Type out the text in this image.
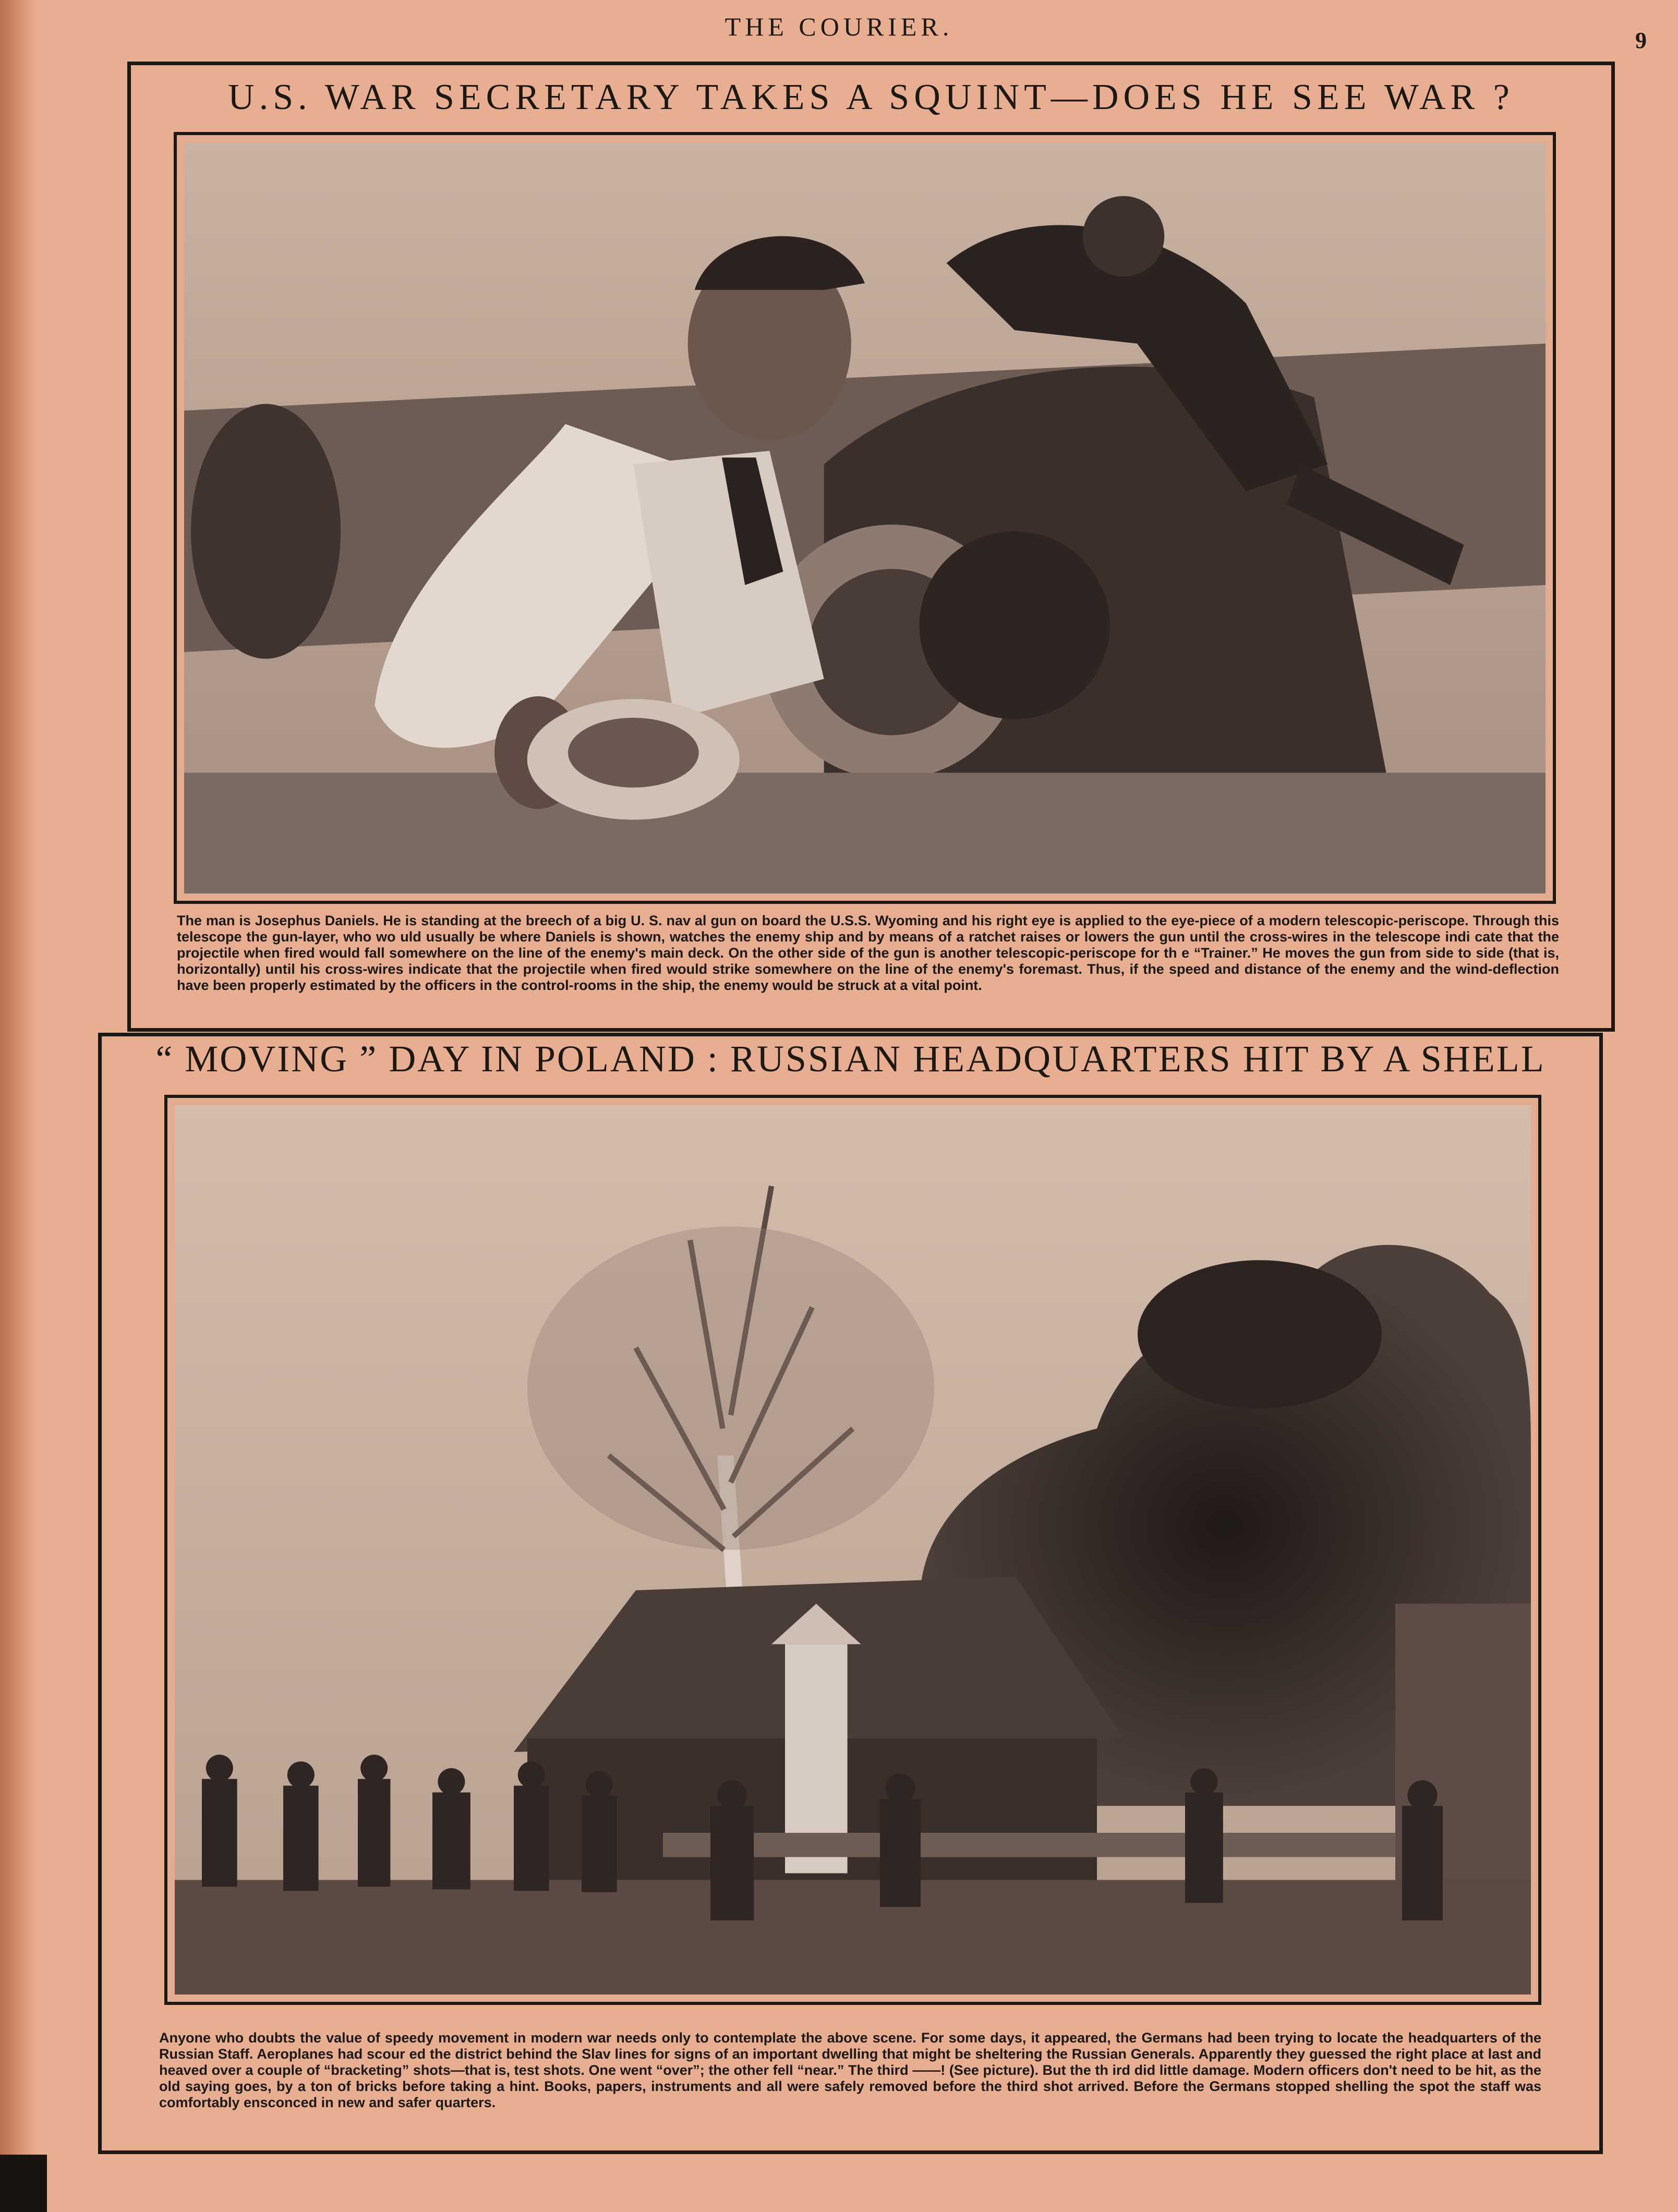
THE COURIER.	9
U.S. WAR SECRETARY TAKES A SQUINT—DOES HE SEE WAR ?
The man is Josephus Daniels. He is standing at the breech of a big U. S. nav al gun on board the U.S.S. Wyoming and his right eye is applied to the eye-piece of a modern telescopic-periscope. Through this telescope the gun-layer, who wo uld usually be where Daniels is shown, watches the enemy ship and by means of a ratchet raises or lowers the gun until the cross-wires in the telescope indi cate that the projectile when fired would fall somewhere on the line of the enemy's main deck. On the other side of the gun is another telescopic-periscope for th e “Trainer.” He moves the gun from side to side (that is, horizontally) until his cross-wires indicate that the projectile when fired would strike somewhere on the line of the enemy's foremast. Thus, if the speed and distance of the enemy and the wind-deflection have been properly estimated by the officers in the control-rooms in the ship, the enemy would be struck at a vital point.
“ MOVING ” DAY IN POLAND : RUSSIAN HEADQUARTERS HIT BY A SHELL
Anyone who doubts the value of speedy movement in modern war needs only to contemplate the above scene. For some days, it appeared, the Germans had been trying to locate the headquarters of the Russian Staff. Aeroplanes had scour ed the district behind the Slav lines for signs of an important dwelling that might be sheltering the Russian Generals. Apparently they guessed the right place at last and heaved over a couple of “bracketing” shots—that is, test shots. One went “over”; the other fell “near.” The third ——! (See picture). But the th ird did little damage. Modern officers don't need to be hit, as the old saying goes, by a ton of bricks before taking a hint. Books, papers, instruments and all were safely removed before the third shot arrived. Before the Germans stopped shelling the spot the staff was comfortably ensconced in new and safer quarters.
